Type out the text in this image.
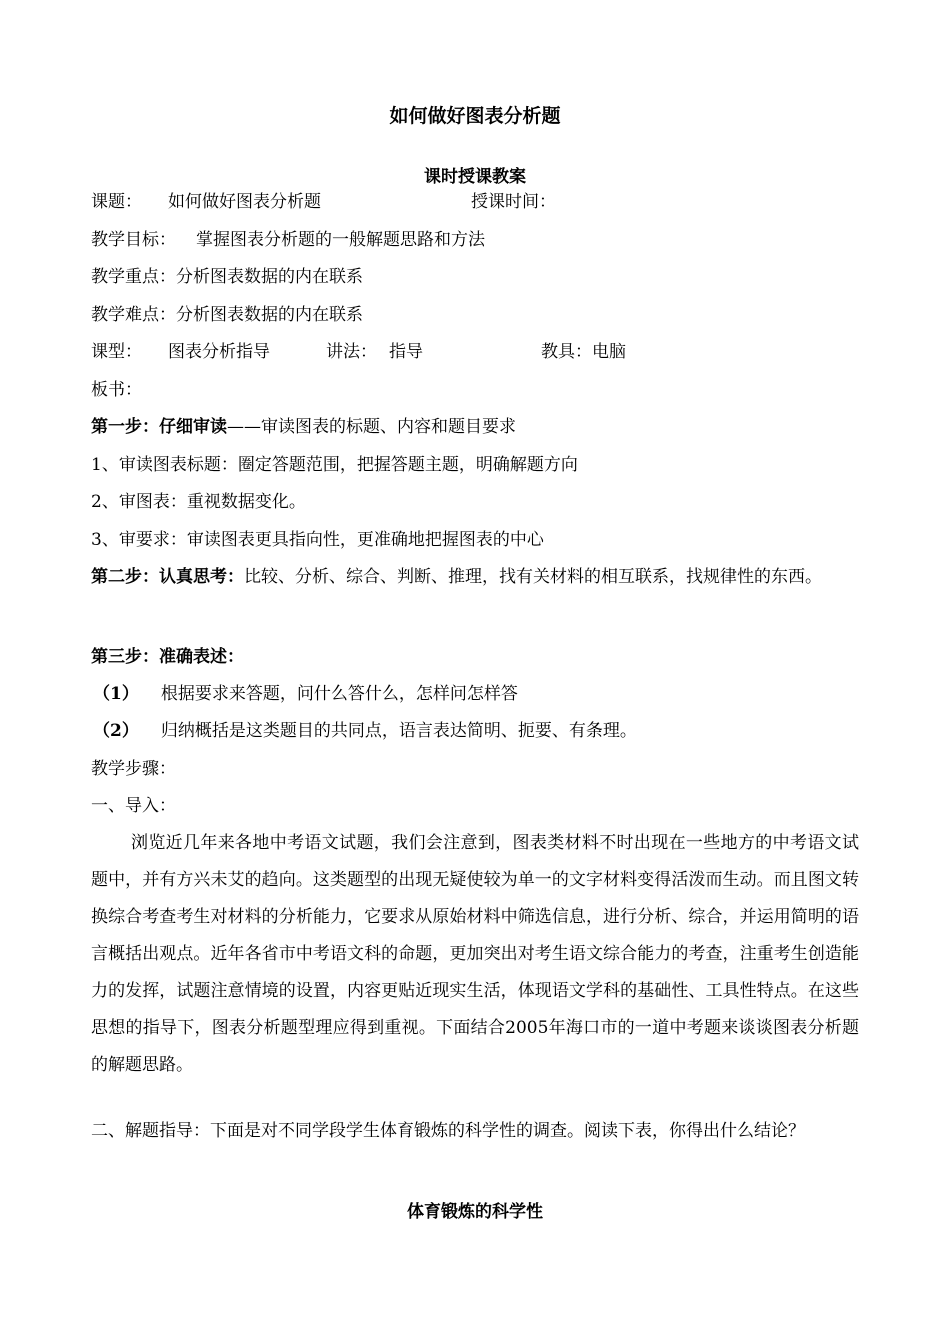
如何做好图表分析题
课时授课教案
课题： 如何做好图表分析题	授课时间：
教学目标： 掌握图表分析题的一般解题思路和方法
教学重点：分析图表数据的内在联系
教学难点：分析图表数据的内在联系
课型： 图表分析指导	讲法： 指导	教具：电脑
板书：
第一步：仔细审读——审读图表的标题、内容和题目要求
1、审读图表标题：圈定答题范围，把握答题主题，明确解题方向
2、审图表：重视数据变化。
3、审要求：审读图表更具指向性，更准确地把握图表的中心
第二步：认真思考：比较、分析、综合、判断、推理，找有关材料的相互联系，找规律性的东西。
第三步：准确表述：
（1） 根据要求来答题，问什么答什么，怎样问怎样答
（2） 归纳概括是这类题目的共同点，语言表达简明、扼要、有条理。
教学步骤：
一、导入：
浏览近几年来各地中考语文试题，我们会注意到，图表类材料不时出现在一些地方的中考语文试题中，并有方兴未艾的趋向。这类题型的出现无疑使较为单一的文字材料变得活泼而生动。而且图文转换综合考查考生对材料的分析能力，它要求从原始材料中筛选信息，进行分析、综合，并运用简明的语言概括出观点。近年各省市中考语文科的命题，更加突出对考生语文综合能力的考查，注重考生创造能力的发挥，试题注意情境的设置，内容更贴近现实生活，体现语文学科的基础性、工具性特点。在这些思想的指导下，图表分析题型理应得到重视。下面结合2005年海口市的一道中考题来谈谈图表分析题的解题思路。
二、解题指导：下面是对不同学段学生体育锻炼的科学性的调查。阅读下表，你得出什么结论？
体育锻炼的科学性
